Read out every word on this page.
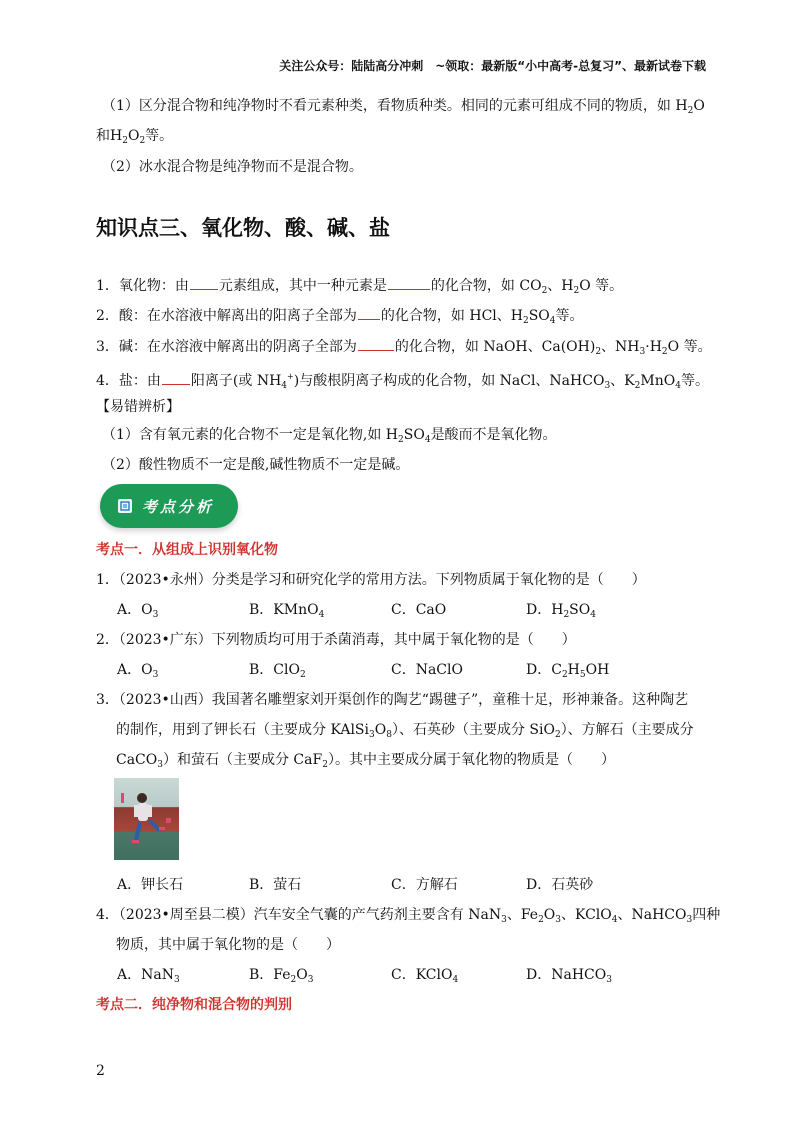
关注公众号：陆陆高分冲刺　~领取：最新版“小中高考-总复习”、最新试卷下载
（1）区分混合物和纯净物时不看元素种类，看物质种类。相同的元素可组成不同的物质，如 $H_2O$
和$H_2O_2$等。
（2）冰水混合物是纯净物而不是混合物。
知识点三、氧化物、酸、碱、盐
1．氧化物：由 元素组成，其中一种元素是	的化合物，如 $CO_2$、$H_2O$ 等。
2．酸：在水溶液中解离出的阳离子全部为 的化合物，如 HCl、$H_2SO_4$等。
3．碱：在水溶液中解离出的阴离子全部为	的化合物，如 NaOH、$Ca(OH)_2$、$NH_3\cdot H_2O$ 等。
4．盐：由 阳离子(或 $NH_4^+$)与酸根阴离子构成的化合物，如 NaCl、NaHCO$_3$、$K_2MnO_4$等。
【易错辨析】
（1）含有氧元素的化合物不一定是氧化物,如 $H_2SO_4$是酸而不是氧化物。
（2）酸性物质不一定是酸,碱性物质不一定是碱。
考点分析
考点一．从组成上识别氧化物
1．（2023•永州）分类是学习和研究化学的常用方法。下列物质属于氧化物的是（　　）
A．$O_3$	B．KMnO$_4$	C．CaO	D．$H_2SO_4$
2．（2023•广东）下列物质均可用于杀菌消毒，其中属于氧化物的是（　　）
A．$O_3$	B．ClO$_2$	C．NaClO	D．$C_2H_5OH$
3．（2023•山西）我国著名雕塑家刘开渠创作的陶艺“踢毽子”，童稚十足，形神兼备。这种陶艺
的制作，用到了钾长石（主要成分 $KAlSi_3O_8$）、石英砂（主要成分 SiO$_2$）、方解石（主要成分
CaCO$_3$）和萤石（主要成分 CaF$_2$）。其中主要成分属于氧化物的物质是（　　）
A．钾长石	B．萤石	C．方解石	D．石英砂
4．（2023•周至县二模）汽车安全气囊的产气药剂主要含有 NaN$_3$、$Fe_2O_3$、KClO$_4$、NaHCO$_3$四种
物质，其中属于氧化物的是（　　）
A．NaN$_3$	B．$Fe_2O_3$	C．KClO$_4$	D．NaHCO$_3$
考点二．纯净物和混合物的判别
2
